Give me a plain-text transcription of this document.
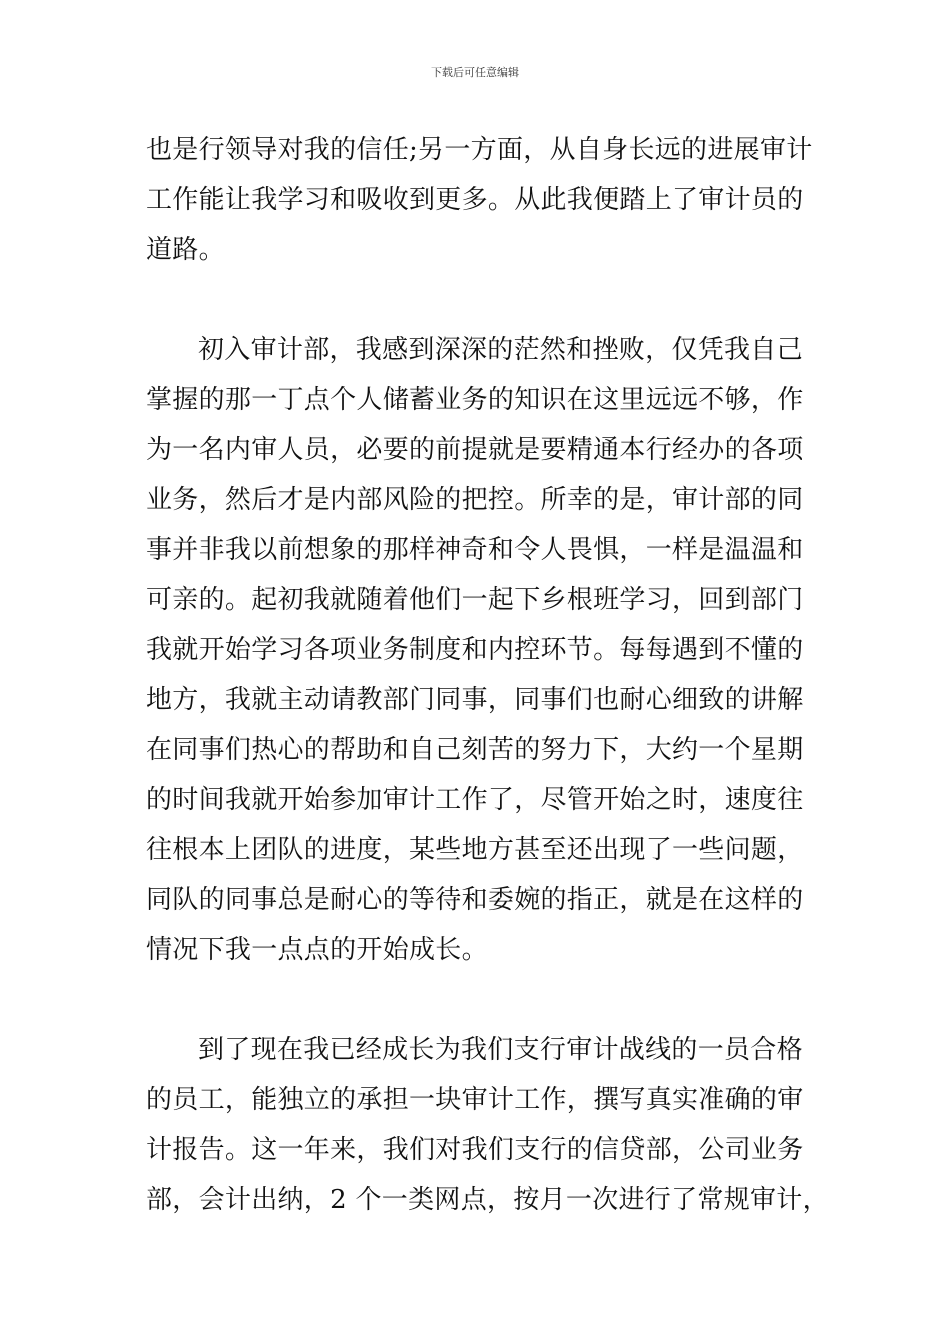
下载后可任意编辑

也是行领导对我的信任;另一方面，从自身长远的进展审计
工作能让我学习和吸收到更多。从此我便踏上了审计员的
道路。

初入审计部，我感到深深的茫然和挫败，仅凭我自己
掌握的那一丁点个人储蓄业务的知识在这里远远不够，作
为一名内审人员，必要的前提就是要精通本行经办的各项
业务，然后才是内部风险的把控。所幸的是，审计部的同
事并非我以前想象的那样神奇和令人畏惧，一样是温温和
可亲的。起初我就随着他们一起下乡根班学习，回到部门
我就开始学习各项业务制度和内控环节。每每遇到不懂的
地方，我就主动请教部门同事，同事们也耐心细致的讲解
在同事们热心的帮助和自己刻苦的努力下，大约一个星期
的时间我就开始参加审计工作了，尽管开始之时，速度往
往根本上团队的进度，某些地方甚至还出现了一些问题，
同队的同事总是耐心的等待和委婉的指正，就是在这样的
情况下我一点点的开始成长。

到了现在我已经成长为我们支行审计战线的一员合格
的员工，能独立的承担一块审计工作，撰写真实准确的审
计报告。这一年来，我们对我们支行的信贷部，公司业务
部，会计出纳，2 个一类网点，按月一次进行了常规审计，
